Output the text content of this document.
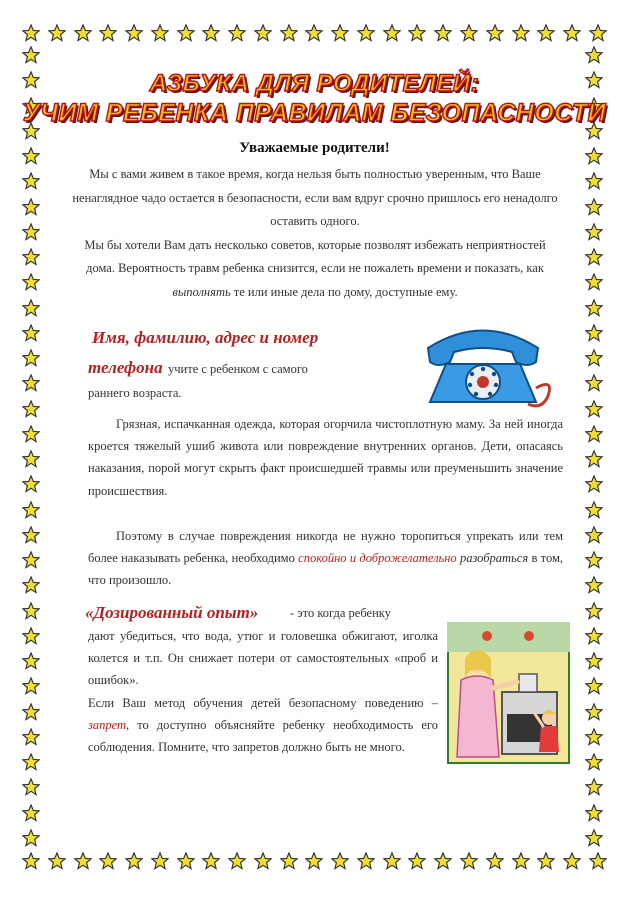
АЗБУКА ДЛЯ РОДИТЕЛЕЙ:
УЧИМ РЕБЕНКА ПРАВИЛАМ БЕЗОПАСНОСТИ
Уважаемые родители!
Мы с вами живем в такое время, когда нельзя быть полностью уверенным, что Ваше ненаглядное чадо остается в безопасности, если вам вдруг срочно пришлось его ненадолго оставить одного.
Мы бы хотели Вам дать несколько советов, которые позволят избежать неприятностей дома. Вероятность травм ребенка снизится, если не пожалеть времени и показать, как выполнять те или иные дела по дому, доступные ему.
Имя, фамилию, адрес и номер
телефона учите с ребенком с самого
раннего возраста.
Грязная, испачканная одежда, которая огорчила чистоплотную маму. За ней иногда кроется тяжелый ушиб живота или повреждение внутренних органов. Дети, опасаясь наказания, порой могут скрыть факт происшедшей травмы или преуменьшить значение происшествия.
Поэтому в случае повреждения никогда не нужно торопиться упрекать или тем более наказывать ребенка, необходимо спокойно и доброжелательно разобраться в том, что произошло.
«Дозированный опыт»	- это когда ребенку
дают убедиться, что вода, утюг и головешка обжигают, иголка колется и т.п. Он снижает потери от самостоятельных «проб и ошибок».
Если Ваш метод обучения детей безопасному поведению – запрет, то доступно объясняйте ребенку необходимость его соблюдения. Помните, что запретов должно быть не много.
